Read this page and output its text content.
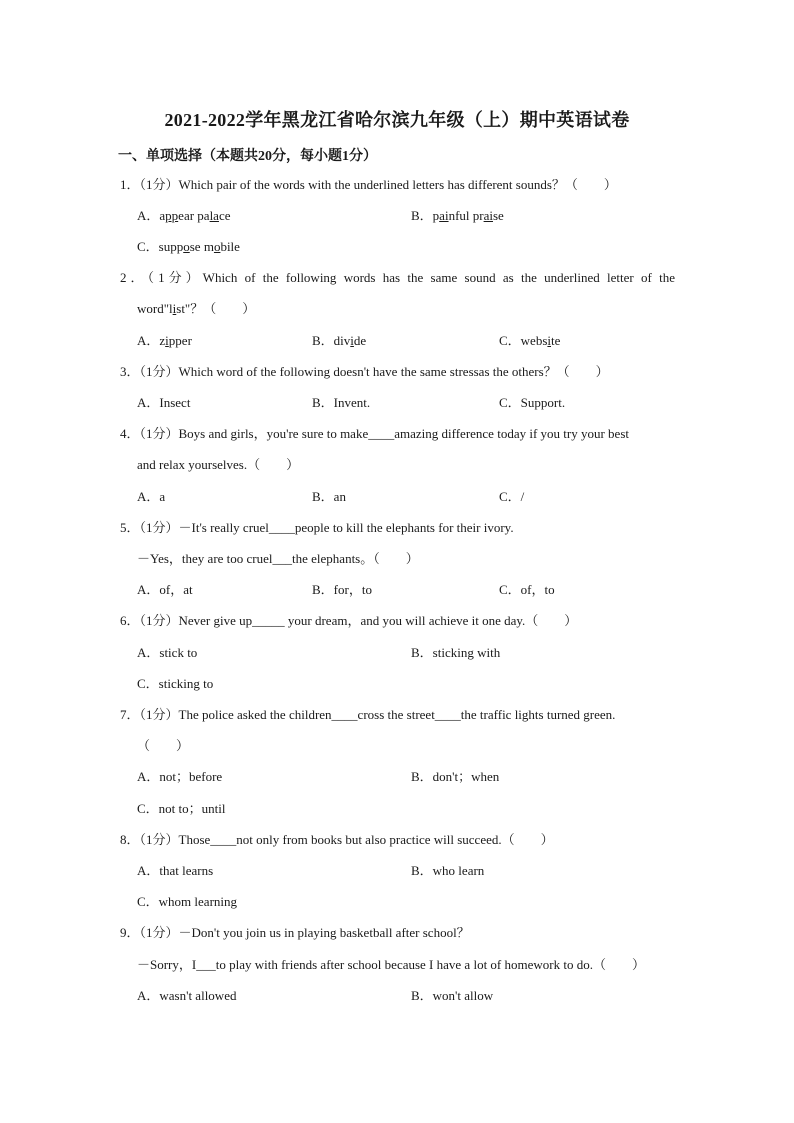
2021-2022学年黑龙江省哈尔滨九年级（上）期中英语试卷
一、单项选择（本题共20分，每小题1分）
1．（1分）Which pair of the words with the underlined letters has different sounds？（　　）
A．appear palace	B．painful praise
C．suppose mobile
2．（1分）Which of the following words has the same sound as the underlined letter of the
word"list"？（　　）
A．zipper	B．divide	C．website
3．（1分）Which word of the following doesn't have the same stressas the others？（　　）
A．Insect	B．Invent.	C．Support.
4．（1分）Boys and girls，you're sure to make____amazing difference today if you try your best
and relax yourselves.（　　）
A．a	B．an	C．/
5．（1分）－It's really cruel____people to kill the elephants for their ivory.
－Yes，they are too cruel___the elephants。（　　）
A．of，at	B．for，to	C．of，to
6．（1分）Never give up_____ your dream，and you will achieve it one day.（　　）
A．stick to	B．sticking with
C．sticking to
7．（1分）The police asked the children____cross the street____the traffic lights turned green.
（　　）
A．not；before	B．don't；when
C．not to；until
8．（1分）Those____not only from books but also practice will succeed.（　　）
A．that learns	B．who learn
C．whom learning
9．（1分）－Don't you join us in playing basketball after school？
－Sorry，I___to play with friends after school because I have a lot of homework to do.（　　）
A．wasn't allowed	B．won't allow
